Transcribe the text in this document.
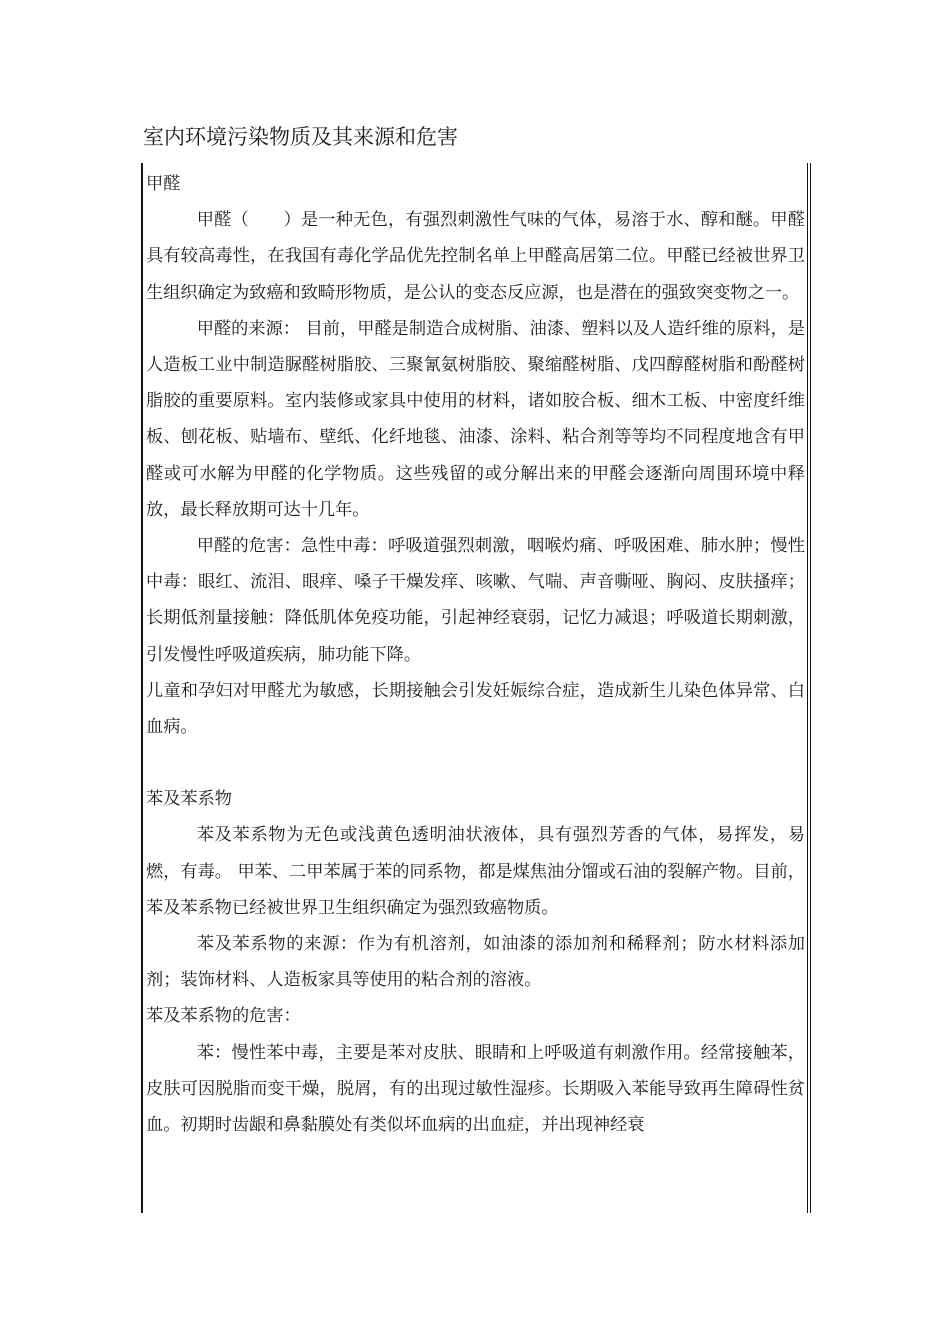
室内环境污染物质及其来源和危害

甲醛

甲醛（　　）是一种无色，有强烈刺激性气味的气体，易溶于水、醇和醚。甲醛具有较高毒性，在我国有毒化学品优先控制名单上甲醛高居第二位。甲醛已经被世界卫生组织确定为致癌和致畸形物质，是公认的变态反应源，也是潜在的强致突变物之一。

甲醛的来源： 目前，甲醛是制造合成树脂、油漆、塑料以及人造纤维的原料，是人造板工业中制造脲醛树脂胶、三聚氰氨树脂胶、聚缩醛树脂、戊四醇醛树脂和酚醛树脂胶的重要原料。室内装修或家具中使用的材料，诸如胶合板、细木工板、中密度纤维板、刨花板、贴墙布、壁纸、化纤地毯、油漆、涂料、粘合剂等等均不同程度地含有甲醛或可水解为甲醛的化学物质。这些残留的或分解出来的甲醛会逐渐向周围环境中释放，最长释放期可达十几年。

甲醛的危害：急性中毒：呼吸道强烈刺激，咽喉灼痛、呼吸困难、肺水肿；慢性中毒：眼红、流泪、眼痒、嗓子干燥发痒、咳嗽、气喘、声音嘶哑、胸闷、皮肤搔痒；长期低剂量接触：降低肌体免疫功能，引起神经衰弱，记忆力减退；呼吸道长期刺激，引发慢性呼吸道疾病，肺功能下降。

儿童和孕妇对甲醛尤为敏感，长期接触会引发妊娠综合症，造成新生儿染色体异常、白血病。

苯及苯系物

苯及苯系物为无色或浅黄色透明油状液体，具有强烈芳香的气体，易挥发，易燃，有毒。 甲苯、二甲苯属于苯的同系物，都是煤焦油分馏或石油的裂解产物。目前，苯及苯系物已经被世界卫生组织确定为强烈致癌物质。

苯及苯系物的来源：作为有机溶剂，如油漆的添加剂和稀释剂；防水材料添加剂；装饰材料、人造板家具等使用的粘合剂的溶液。

苯及苯系物的危害：

苯：慢性苯中毒，主要是苯对皮肤、眼睛和上呼吸道有刺激作用。经常接触苯，皮肤可因脱脂而变干燥，脱屑，有的出现过敏性湿疹。长期吸入苯能导致再生障碍性贫血。初期时齿龈和鼻黏膜处有类似坏血病的出血症，并出现神经衰
